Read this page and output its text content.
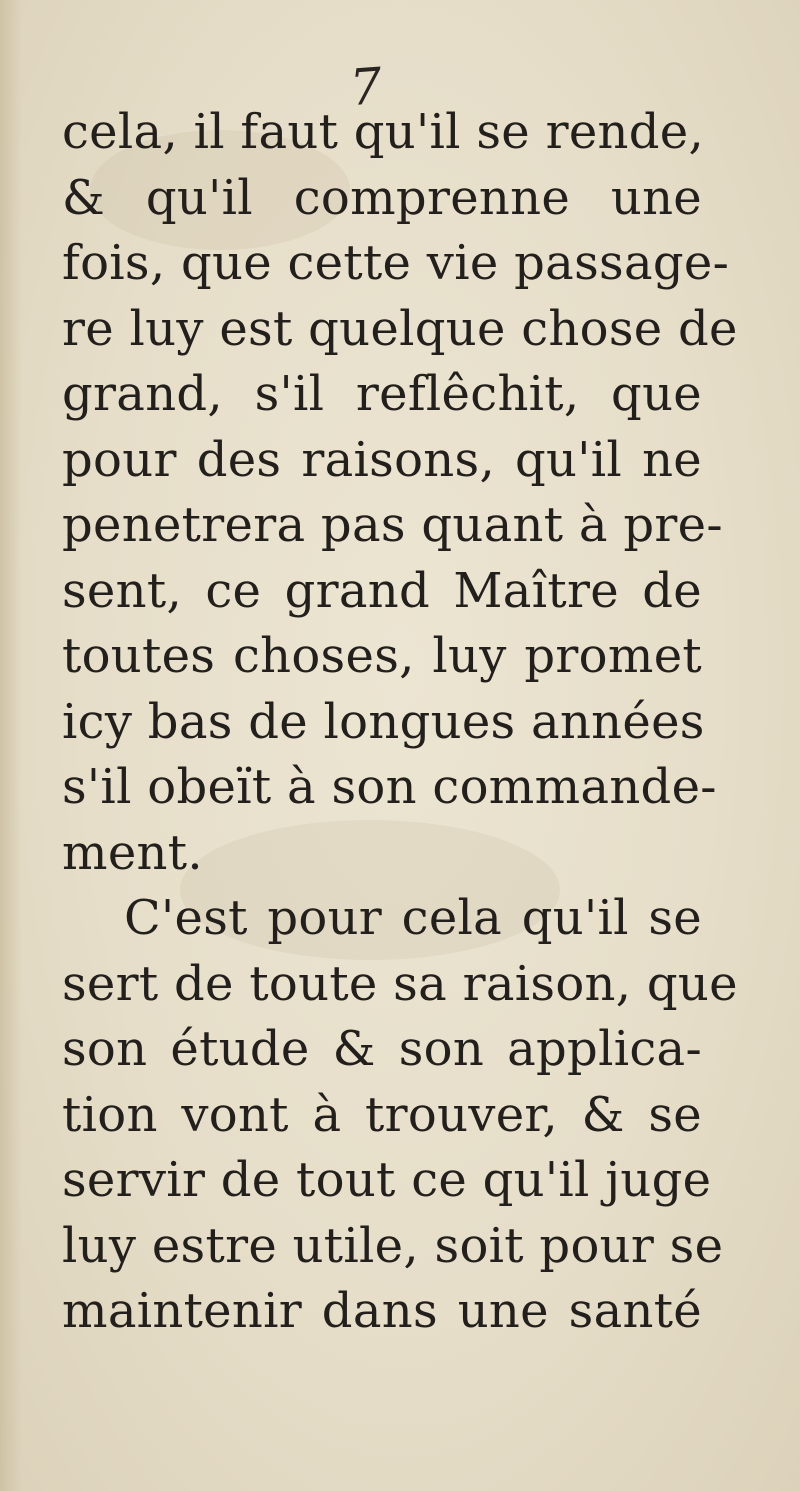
7
cela, il faut qu'il se rende,
& qu'il comprenne une
fois, que cette vie passage-
re luy est quelque chose de
grand, s'il reflêchit, que
pour des raisons, qu'il ne
penetrera pas quant à pre-
sent, ce grand Maître de
toutes choses, luy promet
icy bas de longues années
s'il obeït à son commande-
ment.
C'est pour cela qu'il se
sert de toute sa raison, que
son étude & son applica-
tion vont à trouver, & se
servir de tout ce qu'il juge
luy estre utile, soit pour se
maintenir dans une santé
